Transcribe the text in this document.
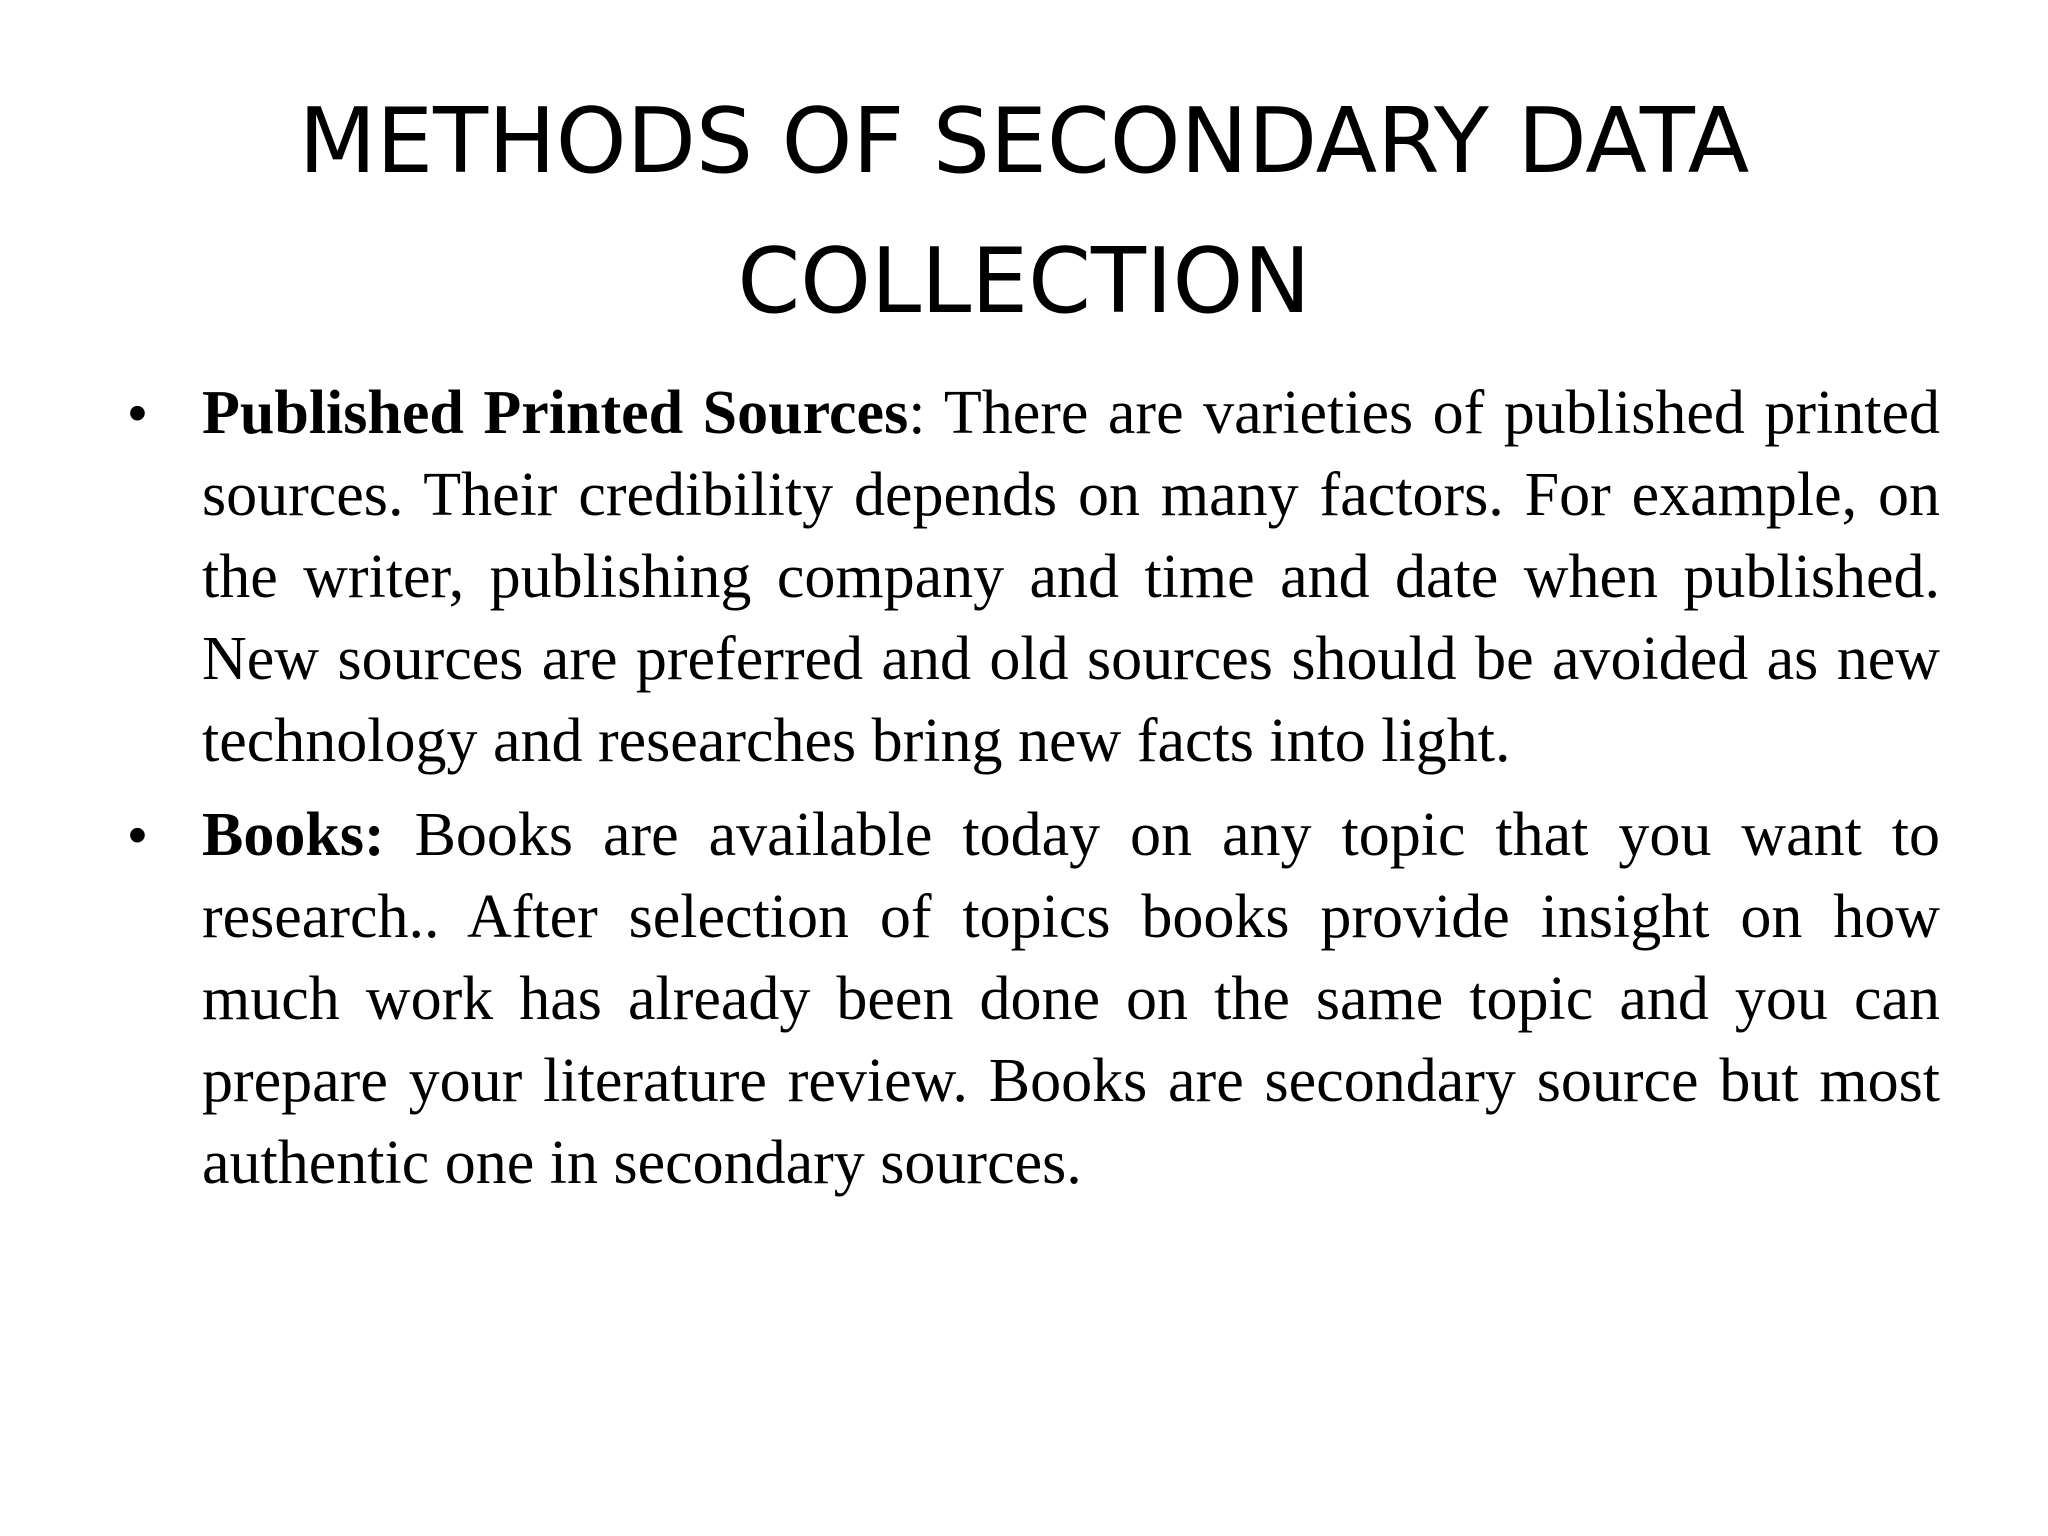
METHODS OF SECONDARY DATA
COLLECTION
• Published Printed Sources: There are varieties of published printed sources. Their credibility depends on many factors. For example, on the writer, publishing company and time and date when published. New sources are preferred and old sources should be avoided as new technology and researches bring new facts into light.
• Books: Books are available today on any topic that you want to research.. After selection of topics books provide insight on how much work has already been done on the same topic and you can prepare your literature review. Books are secondary source but most authentic one in secondary sources.
